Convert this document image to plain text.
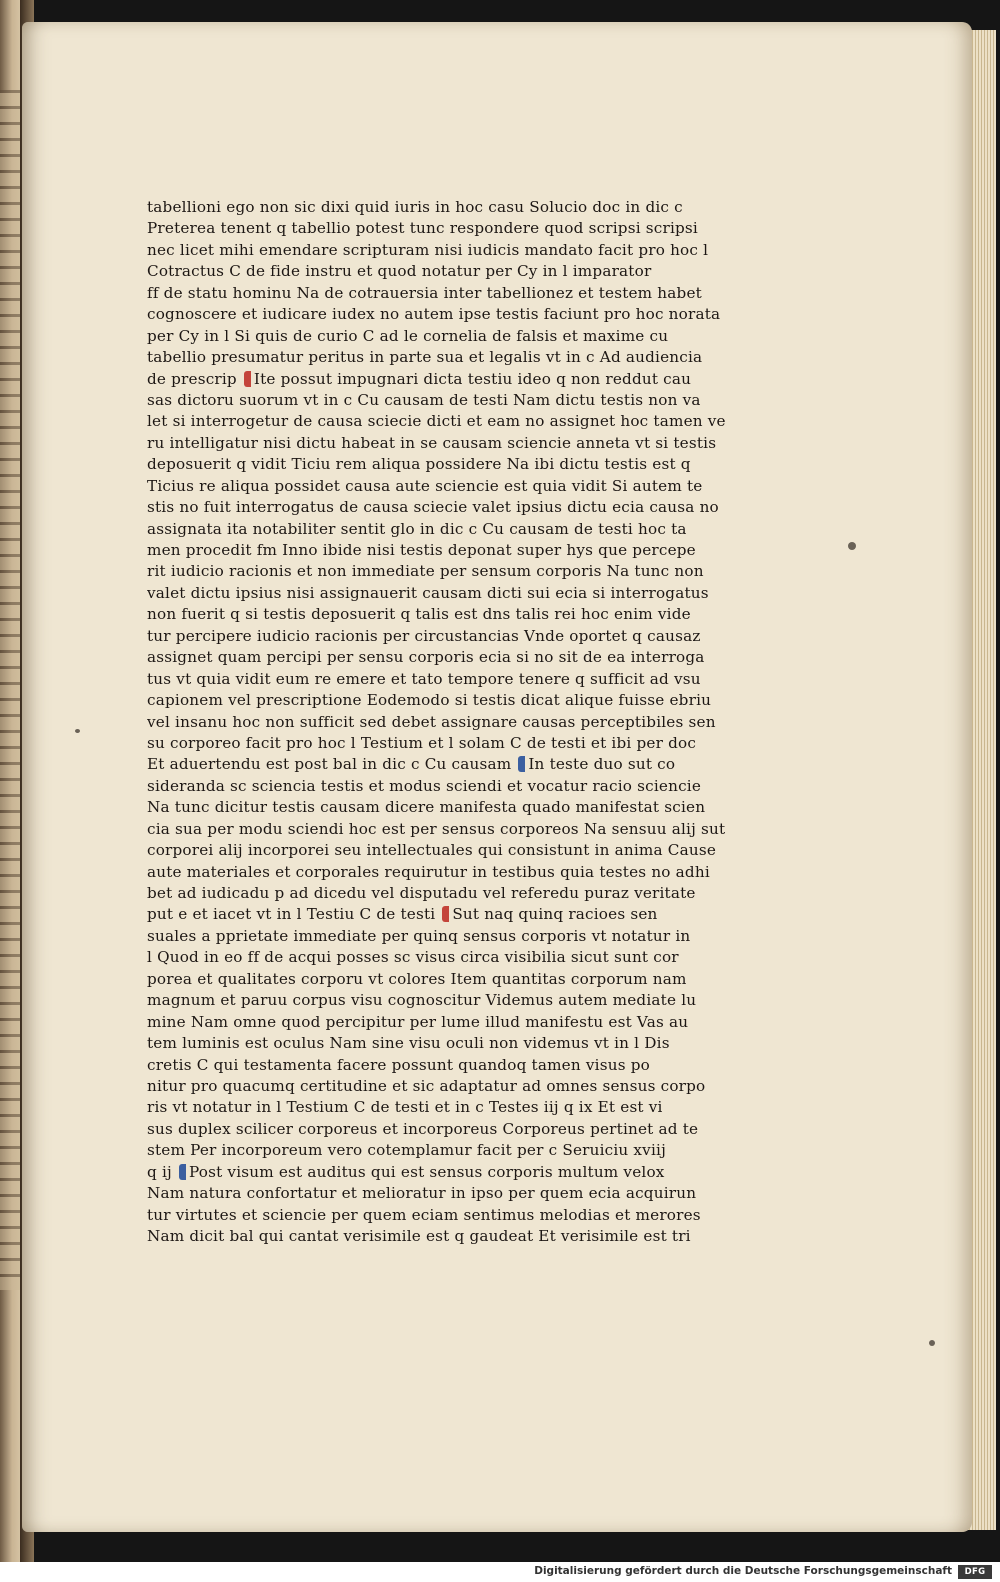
tabellioni ego non sic dixi quid iuris in hoc casu Solucio doc in dic c
Preterea tenent q tabellio potest tunc respondere quod scripsi scripsi
nec licet mihi emendare scripturam nisi iudicis mandato facit pro hoc l
Cotractus C de fide instru et quod notatur per Cy in l imparator
ff de statu hominu Na de cotrauersia inter tabellionez et testem habet
cognoscere et iudicare iudex no autem ipse testis faciunt pro hoc norata
per Cy in l Si quis de curio C ad le cornelia de falsis et maxime cu
tabellio presumatur peritus in parte sua et legalis vt in c Ad audiencia
de prescrip Ite possut impugnari dicta testiu ideo q non reddut cau
sas dictoru suorum vt in c Cu causam de testi Nam dictu testis non va
let si interrogetur de causa sciecie dicti et eam no assignet hoc tamen ve
ru intelligatur nisi dictu habeat in se causam sciencie anneta vt si testis
deposuerit q vidit Ticiu rem aliqua possidere Na ibi dictu testis est q
Ticius re aliqua possidet causa aute sciencie est quia vidit Si autem te
stis no fuit interrogatus de causa sciecie valet ipsius dictu ecia causa no
assignata ita notabiliter sentit glo in dic c Cu causam de testi hoc ta
men procedit fm Inno ibide nisi testis deponat super hys que percepe
rit iudicio racionis et non immediate per sensum corporis Na tunc non
valet dictu ipsius nisi assignauerit causam dicti sui ecia si interrogatus
non fuerit q si testis deposuerit q talis est dns talis rei hoc enim vide
tur percipere iudicio racionis per circustancias Vnde oportet q causaz
assignet quam percipi per sensu corporis ecia si no sit de ea interroga
tus vt quia vidit eum re emere et tato tempore tenere q sufficit ad vsu
capionem vel prescriptione Eodemodo si testis dicat alique fuisse ebriu
vel insanu hoc non sufficit sed debet assignare causas perceptibiles sen
su corporeo facit pro hoc l Testium et l solam C de testi et ibi per doc
Et aduertendu est post bal in dic c Cu causam In teste duo sut co
sideranda sc sciencia testis et modus sciendi et vocatur racio sciencie
Na tunc dicitur testis causam dicere manifesta quado manifestat scien
cia sua per modu sciendi hoc est per sensus corporeos Na sensuu alij sut
corporei alij incorporei seu intellectuales qui consistunt in anima Cause
aute materiales et corporales requirutur in testibus quia testes no adhi
bet ad iudicadu p ad dicedu vel disputadu vel referedu puraz veritate
put e et iacet vt in l Testiu C de testi Sut naq quinq racioes sen
suales a pprietate immediate per quinq sensus corporis vt notatur in
l Quod in eo ff de acqui posses sc visus circa visibilia sicut sunt cor
porea et qualitates corporu vt colores Item quantitas corporum nam
magnum et paruu corpus visu cognoscitur Videmus autem mediate lu
mine Nam omne quod percipitur per lume illud manifestu est Vas au
tem luminis est oculus Nam sine visu oculi non videmus vt in l Dis
cretis C qui testamenta facere possunt quandoq tamen visus po
nitur pro quacumq certitudine et sic adaptatur ad omnes sensus corpo
ris vt notatur in l Testium C de testi et in c Testes iij q ix Et est vi
sus duplex scilicer corporeus et incorporeus Corporeus pertinet ad te
stem Per incorporeum vero cotemplamur facit per c Seruiciu xviij
q ij Post visum est auditus qui est sensus corporis multum velox
Nam natura confortatur et melioratur in ipso per quem ecia acquirun
tur virtutes et sciencie per quem eciam sentimus melodias et merores
Nam dicit bal qui cantat verisimile est q gaudeat Et verisimile est tri
Digitalisierung gefördert durch die Deutsche Forschungsgemeinschaft	DFG
